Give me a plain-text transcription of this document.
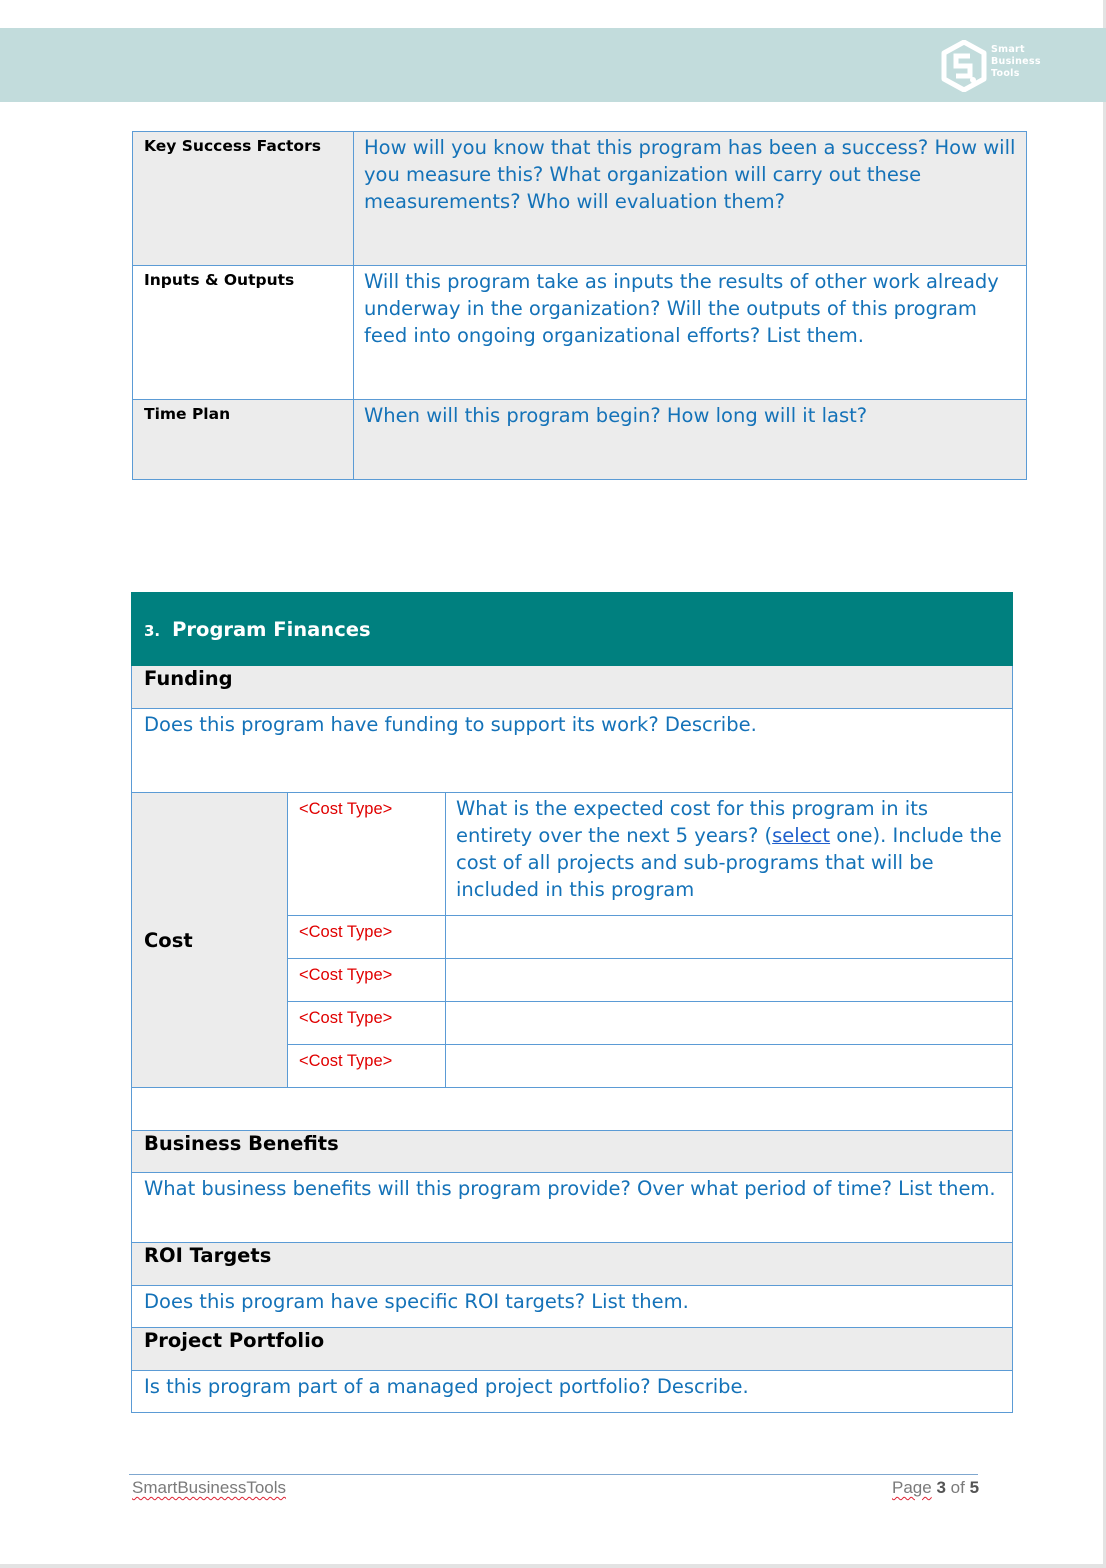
Smart
Business
Tools
Key Success Factors	How will you know that this program has been a success? How will you measure this? What organization will carry out these measurements? Who will evaluation them?
Inputs & Outputs	Will this program take as inputs the results of other work already underway in the organization? Will the outputs of this program feed into ongoing organizational efforts? List them.
Time Plan	When will this program begin? How long will it last?
3. Program Finances		
Funding		
Does this program have funding to support its work? Describe.		
Cost	<Cost Type>	What is the expected cost for this program in its entirety over the next 5 years? (select one). Include the cost of all projects and sub-programs that will be included in this program
	<Cost Type>	
	<Cost Type>	
	<Cost Type>	
	<Cost Type>	

Business Benefits		
What business benefits will this program provide? Over what period of time? List them.		
ROI Targets		
Does this program have specific ROI targets? List them.		
Project Portfolio		
Is this program part of a managed project portfolio? Describe.		
SmartBusinessTools	Page 3 of 5
